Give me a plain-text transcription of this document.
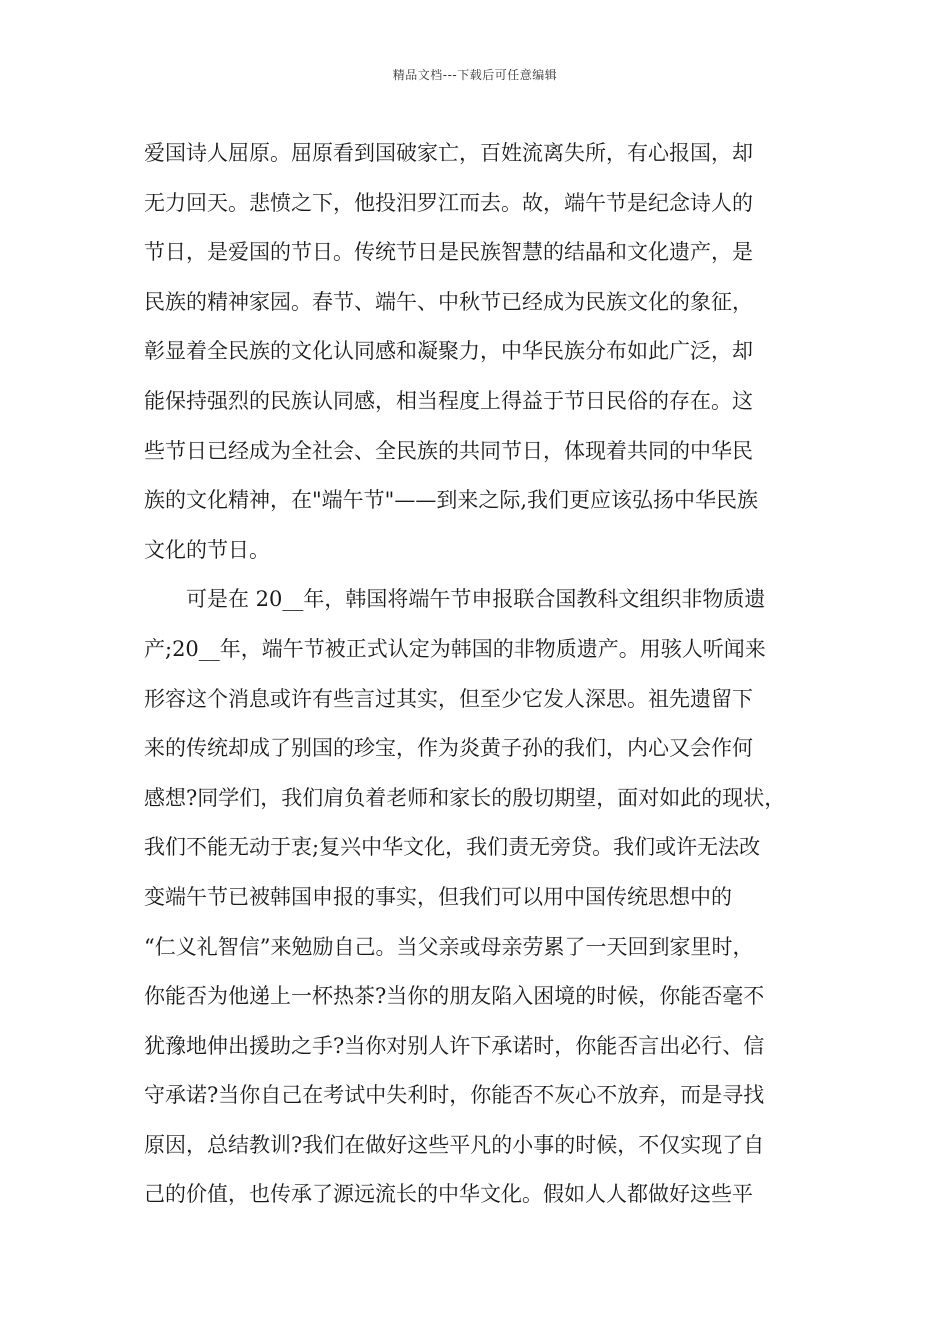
精品文档---下载后可任意编辑
爱国诗人屈原。屈原看到国破家亡，百姓流离失所，有心报国，却
无力回天。悲愤之下，他投汨罗江而去。故，端午节是纪念诗人的
节日，是爱国的节日。传统节日是民族智慧的结晶和文化遗产，是
民族的精神家园。春节、端午、中秋节已经成为民族文化的象征，
彰显着全民族的文化认同感和凝聚力，中华民族分布如此广泛，却
能保持强烈的民族认同感，相当程度上得益于节日民俗的存在。这
些节日已经成为全社会、全民族的共同节日，体现着共同的中华民
族的文化精神，在"端午节"——到来之际,我们更应该弘扬中华民族
文化的节日。
可是在 20__年，韩国将端午节申报联合国教科文组织非物质遗
产;20__年，端午节被正式认定为韩国的非物质遗产。用骇人听闻来
形容这个消息或许有些言过其实，但至少它发人深思。祖先遗留下
来的传统却成了别国的珍宝，作为炎黄子孙的我们，内心又会作何
感想?同学们，我们肩负着老师和家长的殷切期望，面对如此的现状，
我们不能无动于衷;复兴中华文化，我们责无旁贷。我们或许无法改
变端午节已被韩国申报的事实，但我们可以用中国传统思想中的
“仁义礼智信”来勉励自己。当父亲或母亲劳累了一天回到家里时，
你能否为他递上一杯热茶?当你的朋友陷入困境的时候，你能否毫不
犹豫地伸出援助之手?当你对别人许下承诺时，你能否言出必行、信
守承诺?当你自己在考试中失利时，你能否不灰心不放弃，而是寻找
原因，总结教训?我们在做好这些平凡的小事的时候，不仅实现了自
己的价值，也传承了源远流长的中华文化。假如人人都做好这些平
